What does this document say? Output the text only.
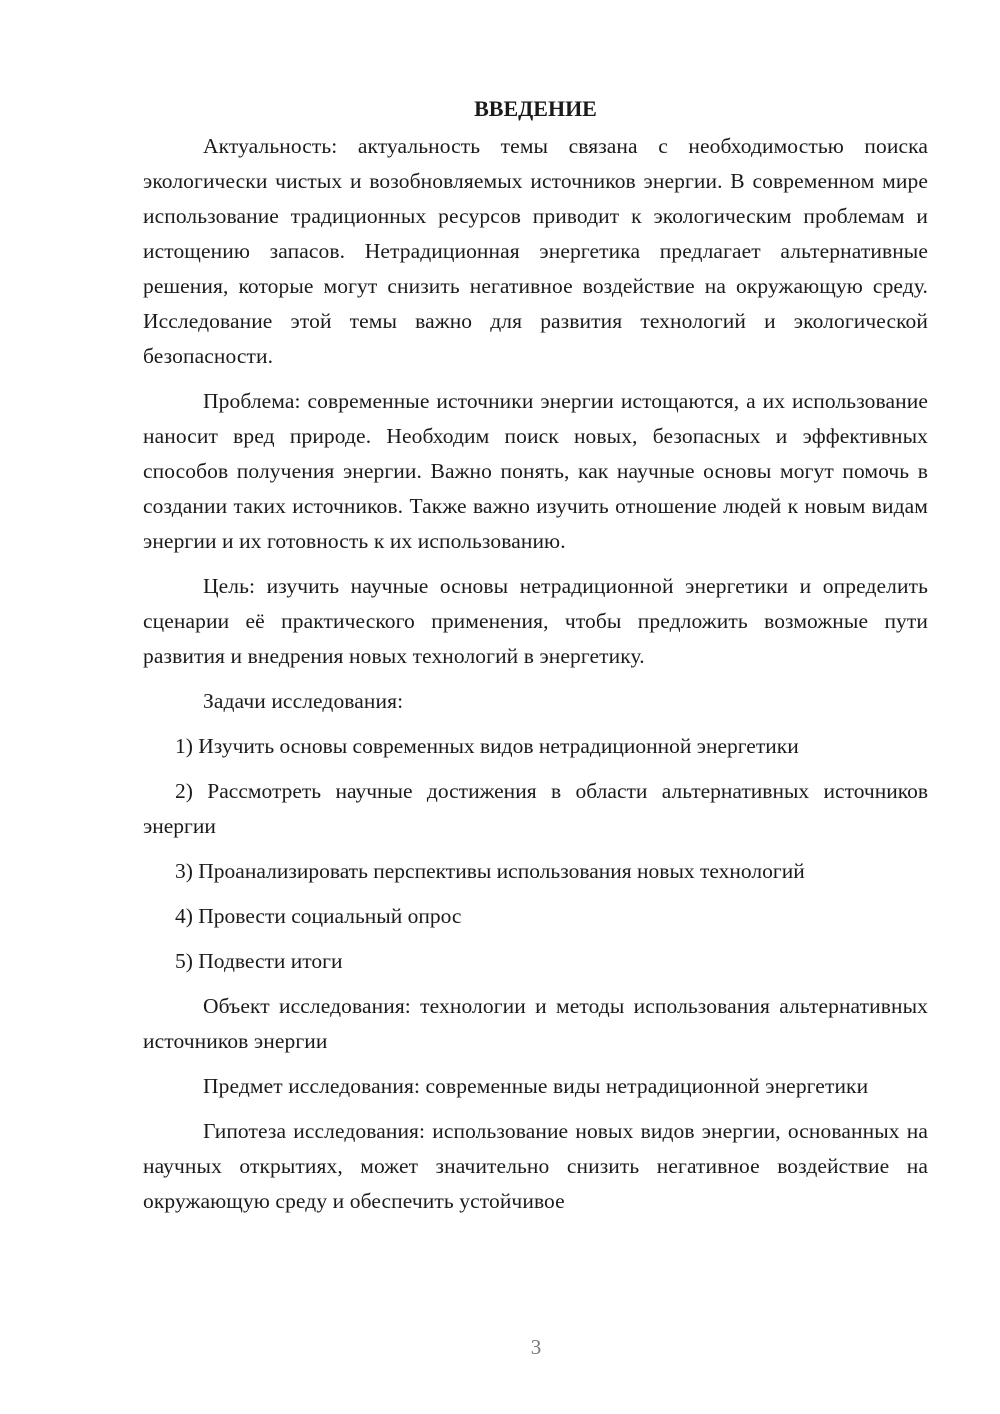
ВВЕДЕНИЕ

Актуальность: актуальность темы связана с необходимостью поиска экологически чистых и возобновляемых источников энергии. В современном мире использование традиционных ресурсов приводит к экологическим проблемам и истощению запасов. Нетрадиционная энергетика предлагает альтернативные решения, которые могут снизить негативное воздействие на окружающую среду. Исследование этой темы важно для развития технологий и экологической безопасности.

Проблема: современные источники энергии истощаются, а их использование наносит вред природе. Необходим поиск новых, безопасных и эффективных способов получения энергии. Важно понять, как научные основы могут помочь в создании таких источников. Также важно изучить отношение людей к новым видам энергии и их готовность к их использованию.

Цель: изучить научные основы нетрадиционной энергетики и определить сценарии её практического применения, чтобы предложить возможные пути развития и внедрения новых технологий в энергетику.

Задачи исследования:

1) Изучить основы современных видов нетрадиционной энергетики

2) Рассмотреть научные достижения в области альтернативных источников энергии

3) Проанализировать перспективы использования новых технологий

4) Провести социальный опрос

5) Подвести итоги

Объект исследования: технологии и методы использования альтернативных источников энергии

Предмет исследования: современные виды нетрадиционной энергетики

Гипотеза исследования: использование новых видов энергии, основанных на научных открытиях, может значительно снизить негативное воздействие на окружающую среду и обеспечить устойчивое

3
